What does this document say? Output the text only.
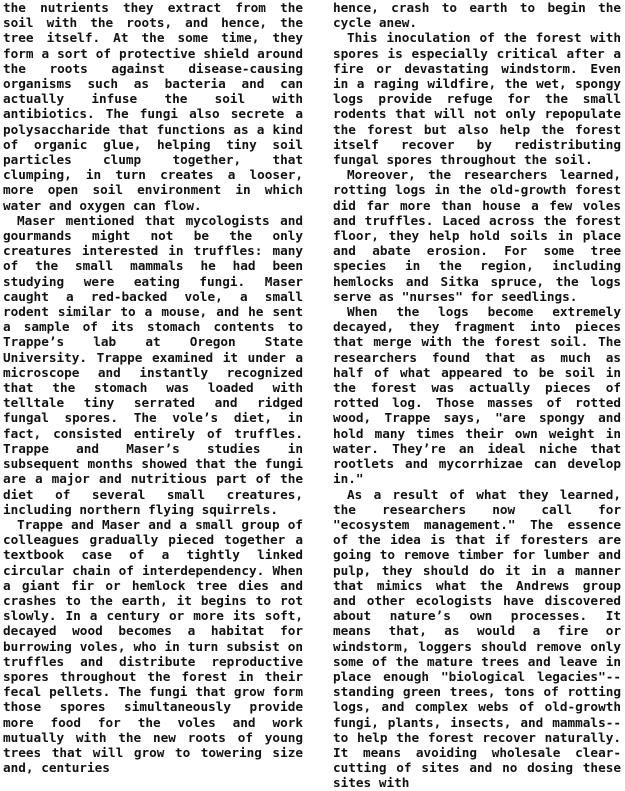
the nutrients they extract from the soil with the roots, and hence, the tree itself. At the some time, they form a sort of protective shield around the roots against disease-causing organisms such as bacteria and can actually infuse the soil with antibiotics. The fungi also secrete a polysaccharide that functions as a kind of organic glue, helping tiny soil particles clump together, that clumping, in turn creates a looser, more open soil environment in which water and oxygen can flow.

Maser mentioned that mycologists and gourmands might not be the only creatures interested in truffles: many of the small mammals he had been studying were eating fungi. Maser caught a red-backed vole, a small rodent similar to a mouse, and he sent a sample of its stomach contents to Trappe’s lab at Oregon State University. Trappe examined it under a microscope and instantly recognized that the stomach was loaded with telltale tiny serrated and ridged fungal spores. The vole’s diet, in fact, consisted entirely of truffles. Trappe and Maser’s studies in subsequent months showed that the fungi are a major and nutritious part of the diet of several small creatures, including northern flying squirrels.

Trappe and Maser and a small group of colleagues gradually pieced together a textbook case of a tightly linked circular chain of interdependency. When a giant fir or hemlock tree dies and crashes to the earth, it begins to rot slowly. In a century or more its soft, decayed wood becomes a habitat for burrowing voles, who in turn subsist on truffles and distribute reproductive spores throughout the forest in their fecal pellets. The fungi that grow form those spores simultaneously provide more food for the voles and work mutually with the new roots of young trees that will grow to towering size and, centuries

hence, crash to earth to begin the cycle anew.

This inoculation of the forest with spores is especially critical after a fire or devastating windstorm. Even in a raging wildfire, the wet, spongy logs provide refuge for the small rodents that will not only repopulate the forest but also help the forest itself recover by redistributing fungal spores throughout the soil.

Moreover, the researchers learned, rotting logs in the old-growth forest did far more than house a few voles and truffles. Laced across the forest floor, they help hold soils in place and abate erosion. For some tree species in the region, including hemlocks and Sitka spruce, the logs serve as "nurses" for seedlings.

When the logs become extremely decayed, they fragment into pieces that merge with the forest soil. The researchers found that as much as half of what appeared to be soil in the forest was actually pieces of rotted log. Those masses of rotted wood, Trappe says, "are spongy and hold many times their own weight in water. They’re an ideal niche that rootlets and mycorrhizae can develop in."

As a result of what they learned, the researchers now call for "ecosystem management." The essence of the idea is that if foresters are going to remove timber for lumber and pulp, they should do it in a manner that mimics what the Andrews group and other ecologists have discovered about nature’s own processes. It means that, as would a fire or windstorm, loggers should remove only some of the mature trees and leave in place enough "biological legacies"--standing green trees, tons of rotting logs, and complex webs of old-growth fungi, plants, insects, and mammals--to help the forest recover naturally. It means avoiding wholesale clear-cutting of sites and no dosing these sites with
